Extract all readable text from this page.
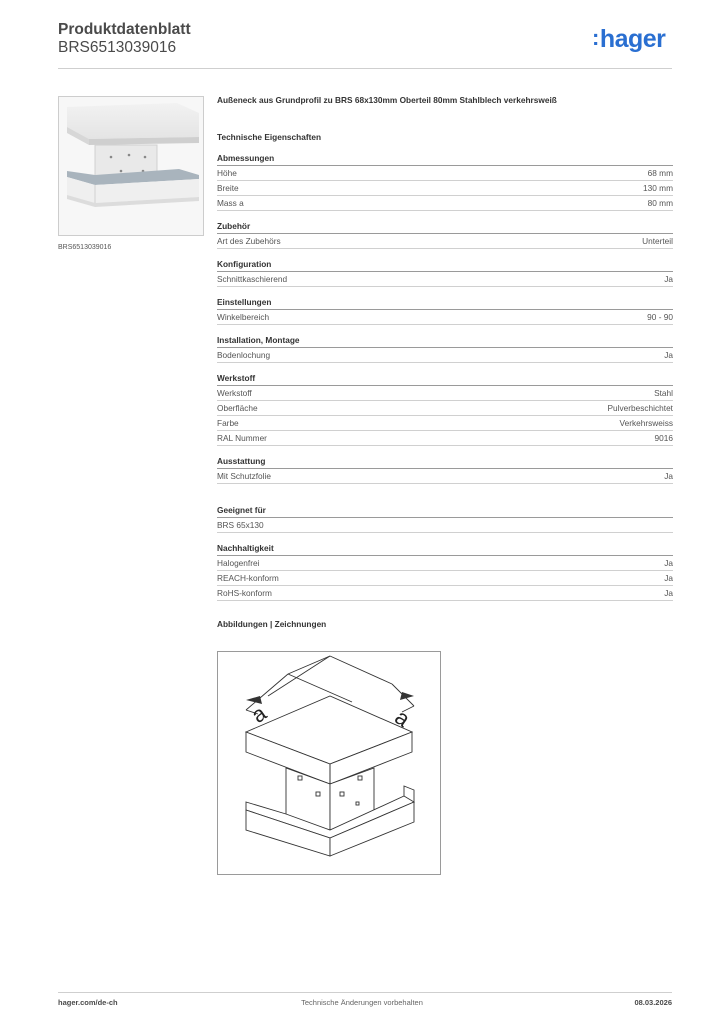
Produktdatenblatt
BRS6513039016	:hager
BRS6513039016
Außeneck aus Grundprofil zu BRS 68x130mm Oberteil 80mm Stahlblech verkehrsweiß
Technische Eigenschaften
Abmessungen
Höhe	68 mm
Breite	130 mm
Mass a	80 mm
Zubehör
Art des Zubehörs	Unterteil
Konfiguration
Schnittkaschierend	Ja
Einstellungen
Winkelbereich	90 - 90
Installation, Montage
Bodenlochung	Ja
Werkstoff
Werkstoff	Stahl
Oberfläche	Pulverbeschichtet
Farbe	Verkehrsweiss
RAL Nummer	9016
Ausstattung
Mit Schutzfolie	Ja
Geeignet für
BRS 65x130
Nachhaltigkeit
Halogenfrei	Ja
REACH-konform	Ja
RoHS-konform	Ja
Abbildungen | Zeichnungen
a	a
hager.com/de-ch	Technische Änderungen vorbehalten	08.03.2026
